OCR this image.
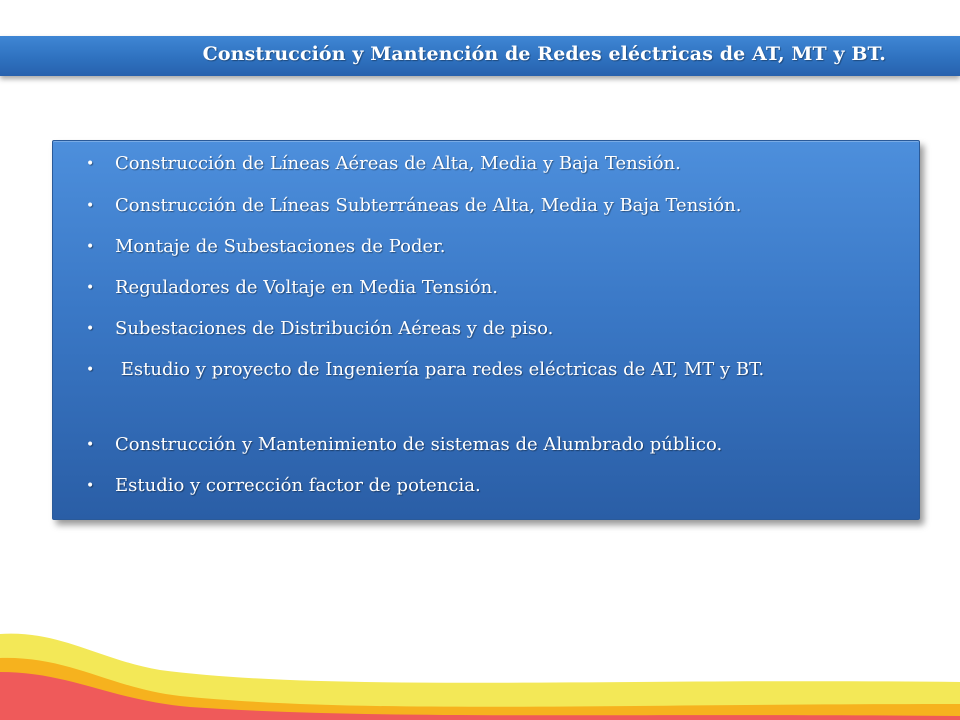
Construcción y Mantención de Redes eléctricas de AT, MT y BT.
• Construcción de Líneas Aéreas de Alta, Media y Baja Tensión.
• Construcción de Líneas Subterráneas de Alta, Media y Baja Tensión.
• Montaje de Subestaciones de Poder.
• Reguladores de Voltaje en Media Tensión.
• Subestaciones de Distribución Aéreas y de piso.
• Estudio y proyecto de Ingeniería para redes eléctricas de AT, MT y BT.
• Construcción y Mantenimiento de sistemas de Alumbrado público.
• Estudio y corrección factor de potencia.
